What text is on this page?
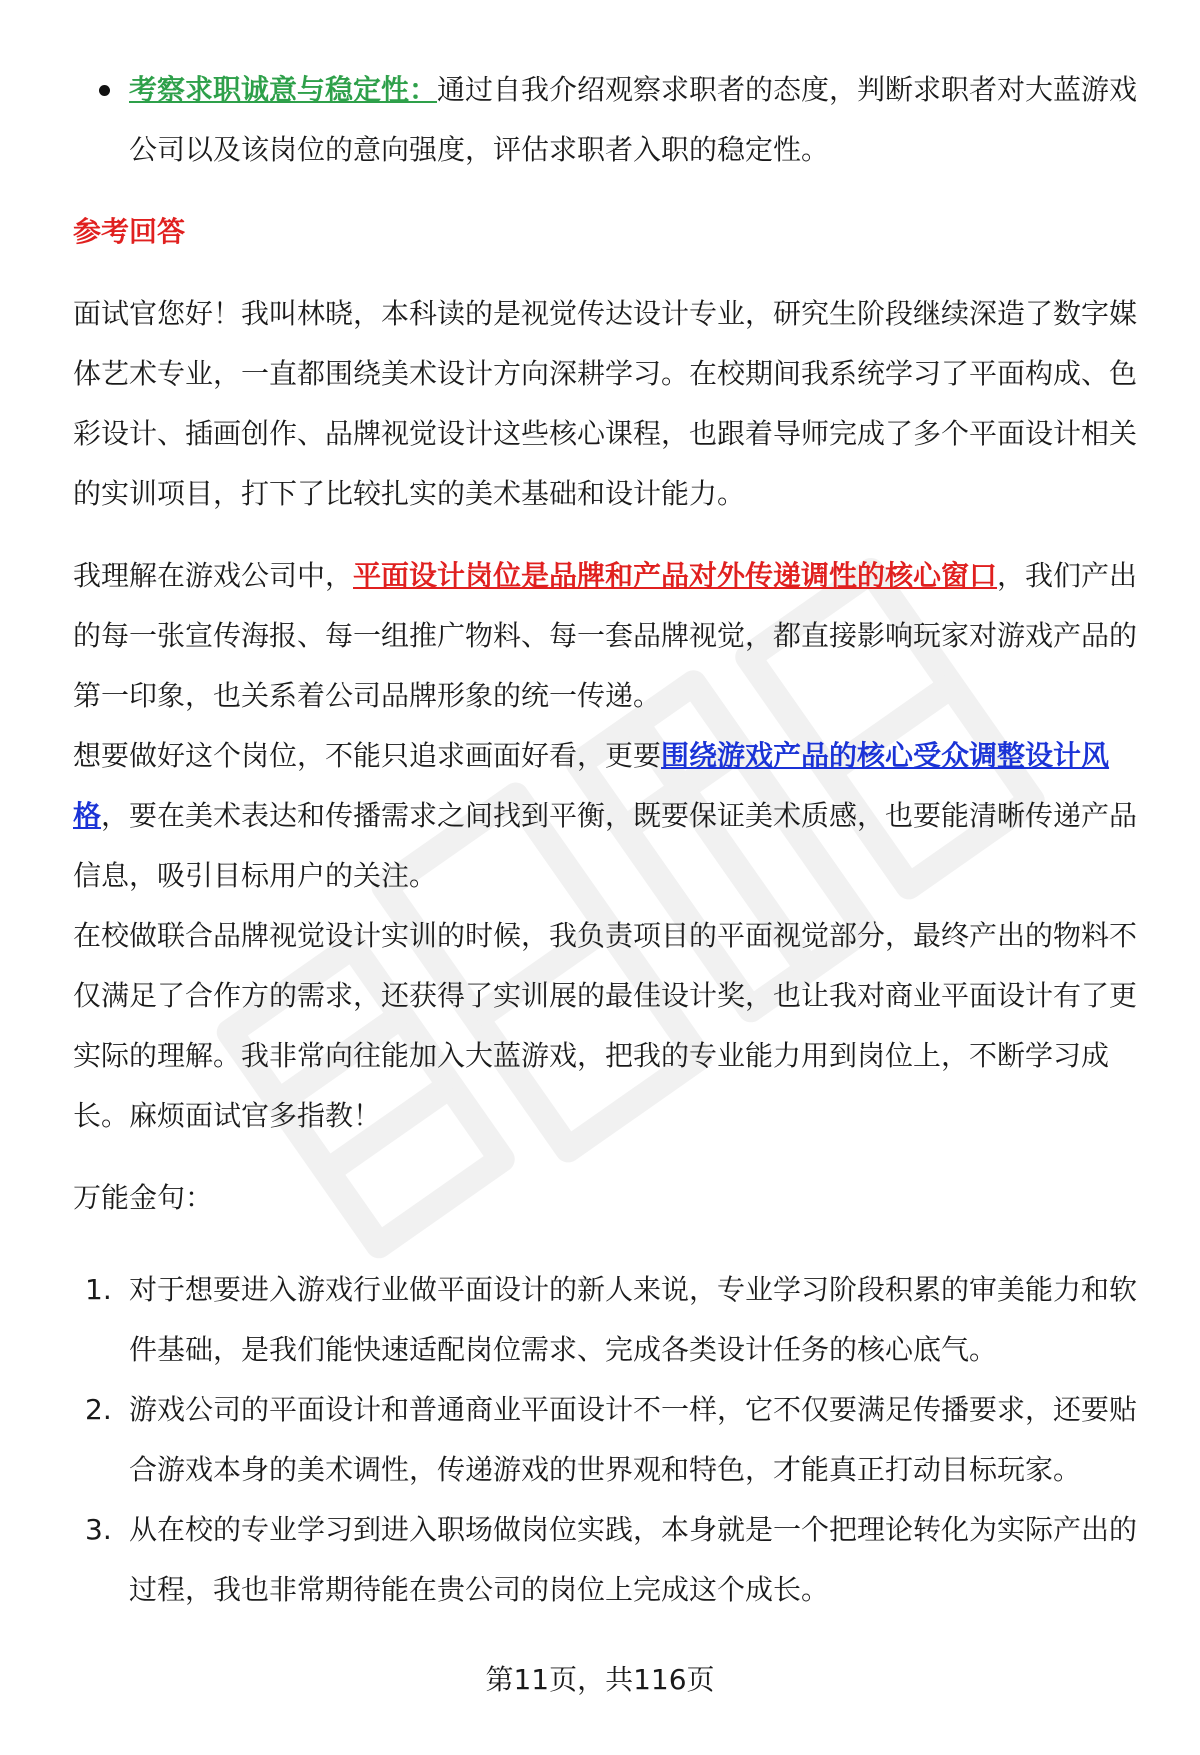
考察求职诚意与稳定性：通过自我介绍观察求职者的态度，判断求职者对大蓝游戏公司以及该岗位的意向强度，评估求职者入职的稳定性。

参考回答

面试官您好！我叫林晓，本科读的是视觉传达设计专业，研究生阶段继续深造了数字媒体艺术专业，一直都围绕美术设计方向深耕学习。在校期间我系统学习了平面构成、色彩设计、插画创作、品牌视觉设计这些核心课程，也跟着导师完成了多个平面设计相关的实训项目，打下了比较扎实的美术基础和设计能力。

我理解在游戏公司中，平面设计岗位是品牌和产品对外传递调性的核心窗口，我们产出的每一张宣传海报、每一组推广物料、每一套品牌视觉，都直接影响玩家对游戏产品的第一印象，也关系着公司品牌形象的统一传递。

想要做好这个岗位，不能只追求画面好看，更要围绕游戏产品的核心受众调整设计风格，要在美术表达和传播需求之间找到平衡，既要保证美术质感，也要能清晰传递产品信息，吸引目标用户的关注。

在校做联合品牌视觉设计实训的时候，我负责项目的平面视觉部分，最终产出的物料不仅满足了合作方的需求，还获得了实训展的最佳设计奖，也让我对商业平面设计有了更实际的理解。我非常向往能加入大蓝游戏，把我的专业能力用到岗位上，不断学习成长。麻烦面试官多指教！

万能金句：

1. 对于想要进入游戏行业做平面设计的新人来说，专业学习阶段积累的审美能力和软件基础，是我们能快速适配岗位需求、完成各类设计任务的核心底气。
2. 游戏公司的平面设计和普通商业平面设计不一样，它不仅要满足传播要求，还要贴合游戏本身的美术调性，传递游戏的世界观和特色，才能真正打动目标玩家。
3. 从在校的专业学习到进入职场做岗位实践，本身就是一个把理论转化为实际产出的过程，我也非常期待能在贵公司的岗位上完成这个成长。
第11页，共116页
